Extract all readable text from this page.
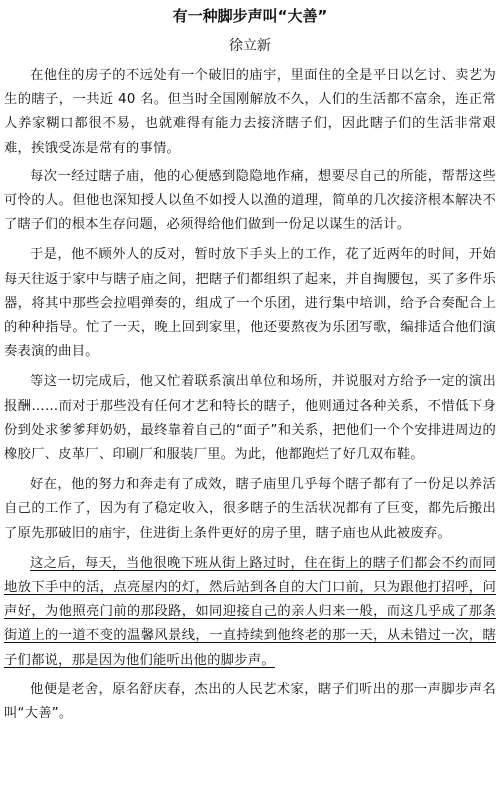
有一种脚步声叫“大善”
徐立新

在他住的房子的不远处有一个破旧的庙宇，里面住的全是平日以乞讨、卖艺为生的瞎子，一共近 40 名。但当时全国刚解放不久，人们的生活都不富余，连正常人养家糊口都很不易，也就难得有能力去接济瞎子们，因此瞎子们的生活非常艰难，挨饿受冻是常有的事情。

每次一经过瞎子庙，他的心便感到隐隐地作痛，想要尽自己的所能，帮帮这些可怜的人。但他也深知授人以鱼不如授人以渔的道理，简单的几次接济根本解决不了瞎子们的根本生存问题，必须得给他们做到一份足以谋生的活计。

于是，他不顾外人的反对，暂时放下手头上的工作，花了近两年的时间，开始每天往返于家中与瞎子庙之间，把瞎子们都组织了起来，并自掏腰包，买了多件乐器，将其中那些会拉唱弹奏的，组成了一个乐团，进行集中培训，给予合奏配合上的种种指导。忙了一天，晚上回到家里，他还要熬夜为乐团写歌，编排适合他们演奏表演的曲目。

等这一切完成后，他又忙着联系演出单位和场所，并说服对方给予一定的演出报酬……而对于那些没有任何才艺和特长的瞎子，他则通过各种关系，不惜低下身份到处求爹爹拜奶奶，最终靠着自己的“面子”和关系，把他们一个个安排进周边的橡胶厂、皮革厂、印刷厂和服装厂里。为此，他都跑烂了好几双布鞋。

好在，他的努力和奔走有了成效，瞎子庙里几乎每个瞎子都有了一份足以养活自己的工作了，因为有了稳定收入，很多瞎子的生活状况都有了巨变，都先后搬出了原先那破旧的庙宇，住进街上条件更好的房子里，瞎子庙也从此被废弃。

这之后，每天，当他很晚下班从街上路过时，住在街上的瞎子们都会不约而同地放下手中的活，点亮屋内的灯，然后站到各自的大门口前，只为跟他打招呼，问声好，为他照亮门前的那段路，如同迎接自己的亲人归来一般，而这几乎成了那条街道上的一道不变的温馨风景线，一直持续到他终老的那一天，从未错过一次，瞎子们都说，那是因为他们能听出他的脚步声。

他便是老舍，原名舒庆春，杰出的人民艺术家，瞎子们听出的那一声脚步声名叫“大善”。
